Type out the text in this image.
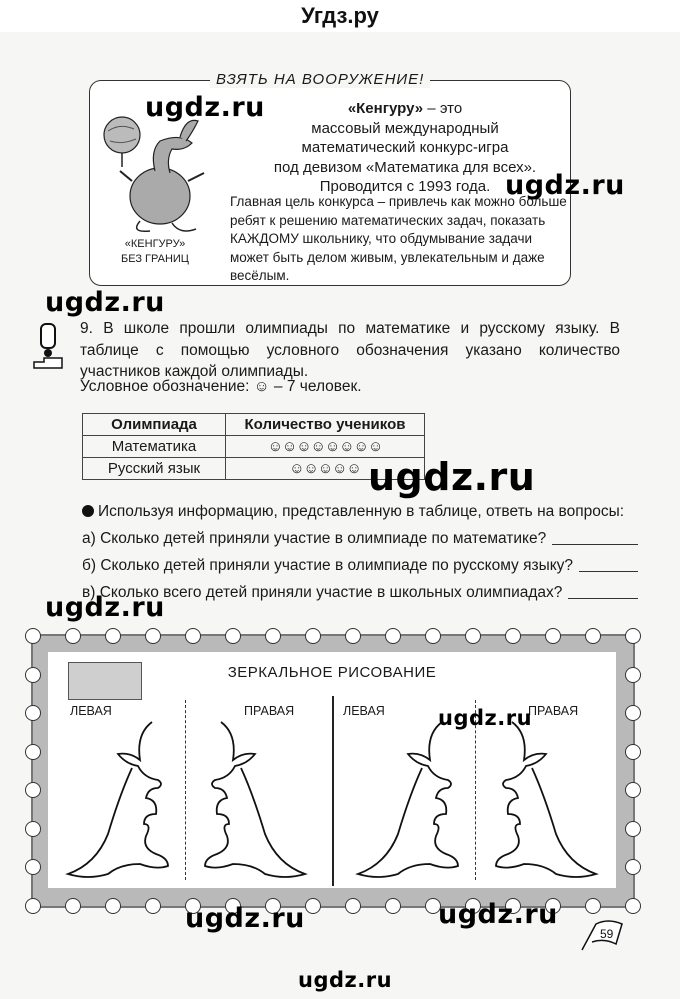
Угдз.ру
ВЗЯТЬ НА ВООРУЖЕНИЕ!
«Кенгуру» – это
массовый международный
математический конкурс-игра
под девизом «Математика для всех».
Проводится с 1993 года.
Главная цель конкурса – привлечь как можно больше ребят к решению математических задач, показать КАЖДОМУ школьнику, что обдумывание задачи может быть делом живым, увлекательным и даже весёлым.
«КЕНГУРУ»
БЕЗ ГРАНИЦ
9. В школе прошли олимпиады по математике и русскому языку. В таблице с помощью условного обозначения указано количество участников каждой олимпиады.
Условное обозначение: ☺ – 7 человек.
Олимпиада	Количество учеников
Математика	☺☺☺☺☺☺☺☺
Русский язык	☺☺☺☺☺
Используя информацию, представленную в таблице, ответь на вопросы:
а) Сколько детей приняли участие в олимпиаде по математике?
б) Сколько детей приняли участие в олимпиаде по русскому языку?
в) Сколько всего детей приняли участие в школьных олимпиадах?
ЗЕРКАЛЬНОЕ РИСОВАНИЕ
ЛЕВАЯ	ПРАВАЯ	ЛЕВАЯ	ПРАВАЯ
59
ugdz.ru
ugdz.ru
ugdz.ru
ugdz.ru
ugdz.ru
ugdz.ru
ugdz.ru	ugdz.ru
ugdz.ru
